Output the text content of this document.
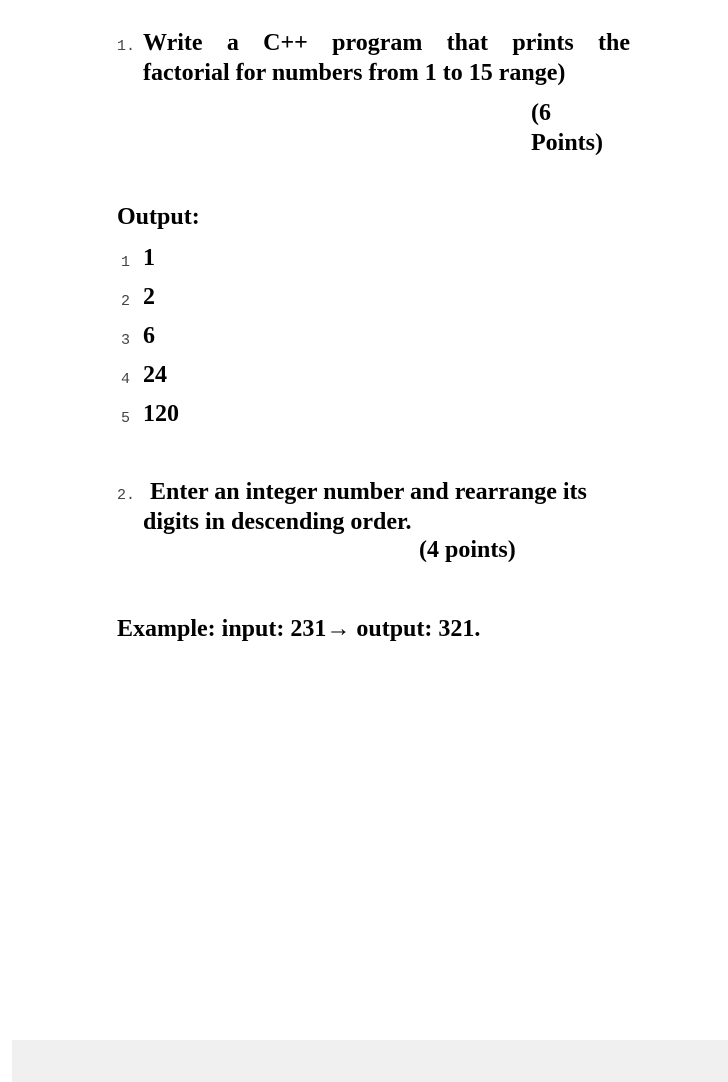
1. Write a C++ program that prints the
factorial for numbers from 1 to 15 range)
(6 Points)
Output:
1 1
2 2
3 6
4 24
5 120
2. Enter an integer number and rearrange its
digits in descending order.
(4 points)
Example: input: 231→ output: 321.
